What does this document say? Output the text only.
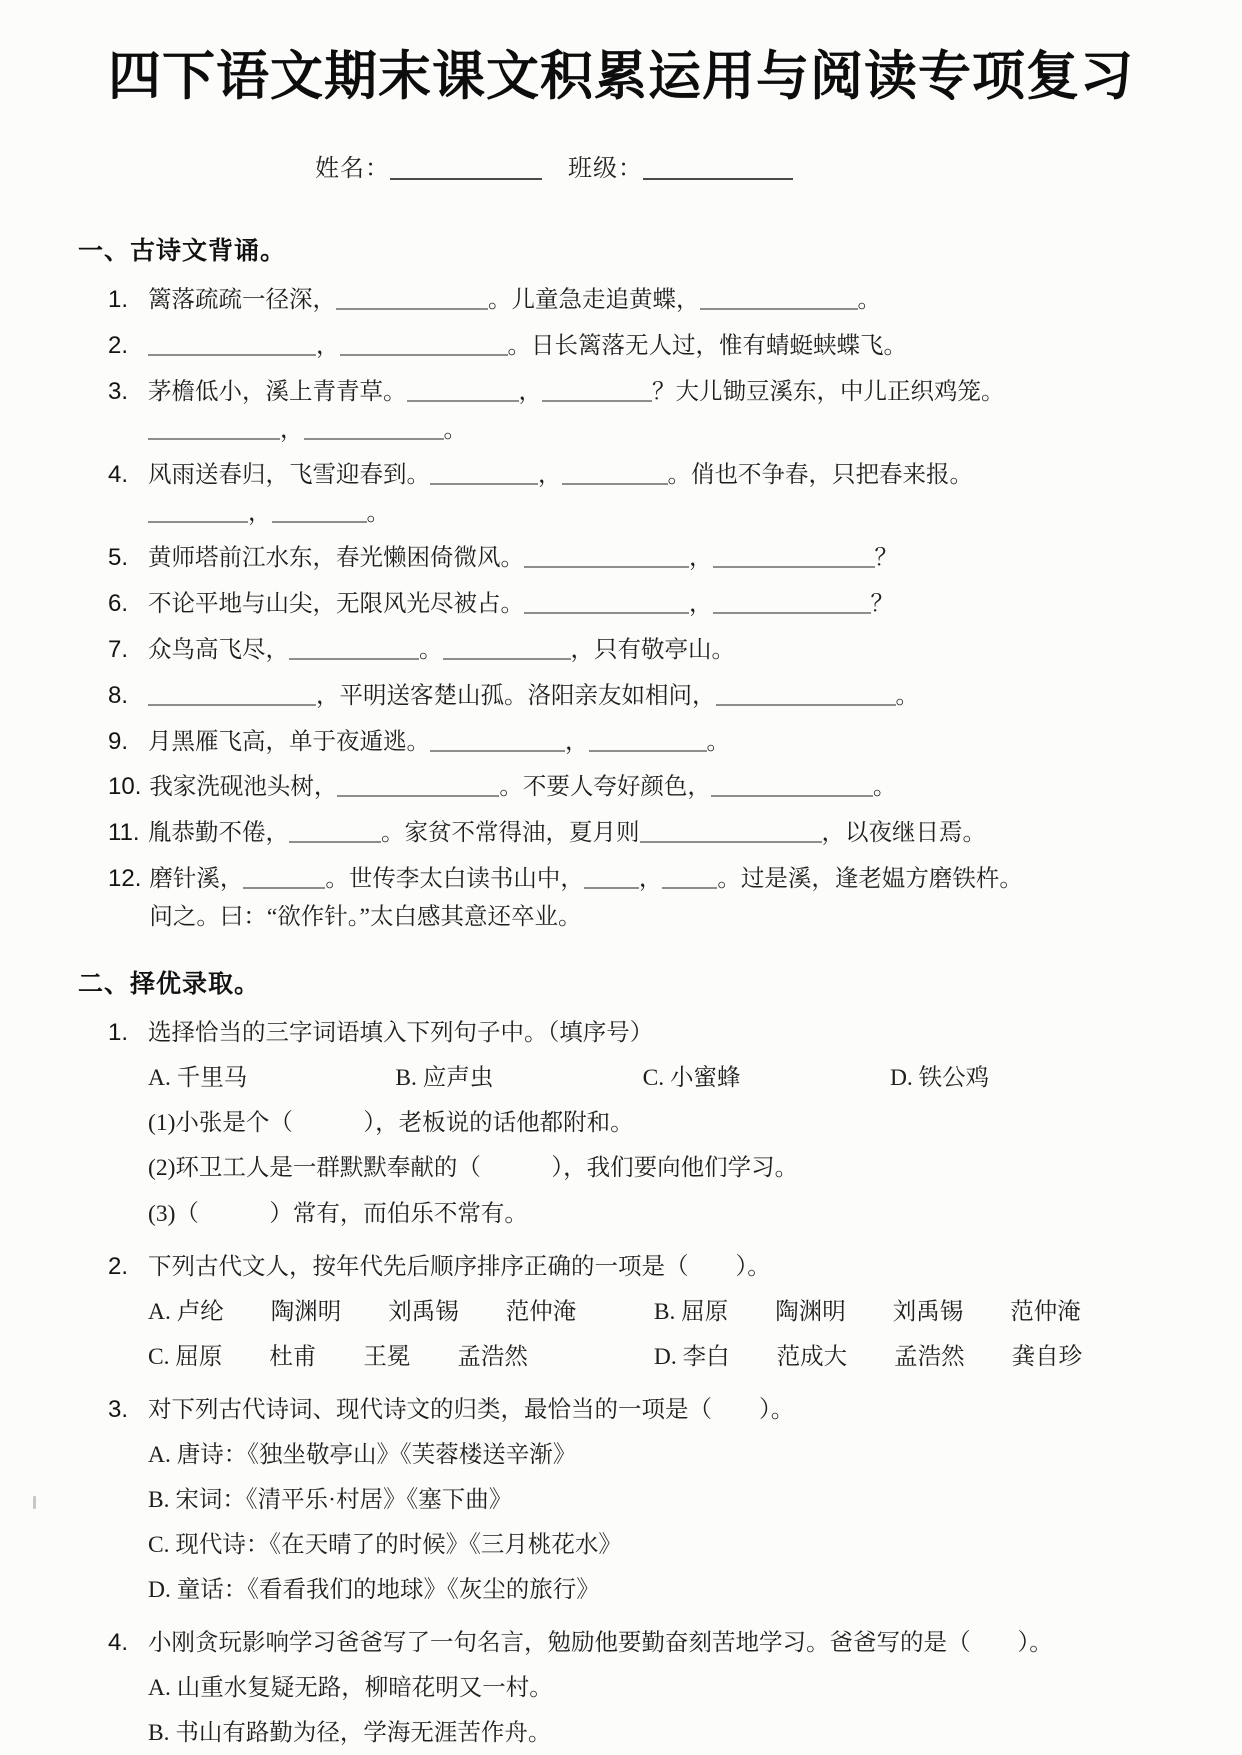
四下语文期末课文积累运用与阅读专项复习
姓名：	班级：
一、古诗文背诵。
1. 篱落疏疏一径深，	。儿童急走追黄蝶，	。
2.	，	。日长篱落无人过，惟有蜻蜓蛱蝶飞。
3. 茅檐低小，溪上青青草。	，	？大儿锄豆溪东，中儿正织鸡笼。
，	。
4. 风雨送春归，飞雪迎春到。	，	。俏也不争春，只把春来报。
，	。
5. 黄师塔前江水东，春光懒困倚微风。	，	？
6. 不论平地与山尖，无限风光尽被占。	，	？
7. 众鸟高飞尽，	。	，只有敬亭山。
8.	，平明送客楚山孤。洛阳亲友如相问，	。
9. 月黑雁飞高，单于夜遁逃。	，	。
10. 我家洗砚池头树，	。不要人夸好颜色，	。
11. 胤恭勤不倦，	。家贫不常得油，夏月则	，以夜继日焉。
12. 磨针溪，	。世传李太白读书山中， ， 。过是溪，逢老媪方磨铁杵。
问之。曰：“欲作针。”太白感其意还卒业。
二、择优录取。
1. 选择恰当的三字词语填入下列句子中。（填序号）
A. 千里马	B. 应声虫	C. 小蜜蜂	D. 铁公鸡
(1)小张是个（　　　），老板说的话他都附和。
(2)环卫工人是一群默默奉献的（　　　），我们要向他们学习。
(3)（　　　）常有，而伯乐不常有。
2. 下列古代文人，按年代先后顺序排序正确的一项是（　　）。
A. 卢纶　　陶渊明　　刘禹锡　　范仲淹	B. 屈原　　陶渊明　　刘禹锡　　范仲淹
C. 屈原　　杜甫　　王冕　　孟浩然	D. 李白　　范成大　　孟浩然　　龚自珍
3. 对下列古代诗词、现代诗文的归类，最恰当的一项是（　　）。
A. 唐诗：《独坐敬亭山》《芙蓉楼送辛渐》
B. 宋词：《清平乐·村居》《塞下曲》
C. 现代诗：《在天晴了的时候》《三月桃花水》
D. 童话：《看看我们的地球》《灰尘的旅行》
4. 小刚贪玩影响学习爸爸写了一句名言，勉励他要勤奋刻苦地学习。爸爸写的是（　　）。
A. 山重水复疑无路，柳暗花明又一村。
B. 书山有路勤为径，学海无涯苦作舟。
